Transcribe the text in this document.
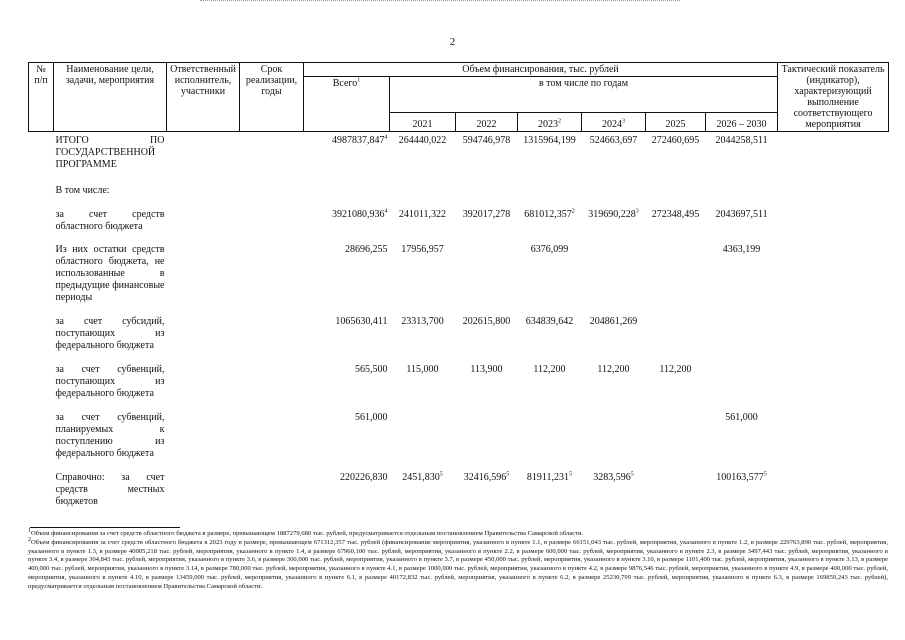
2
№ п/п	Наименование цели, задачи, мероприятия	Ответственный исполнитель, участники	Срок реализации, годы	Объем финансирования, тыс. рублей							Тактический показатель (индикатор), характеризующий выполнение соответствующего мероприятия
				Всего$^1$	в том числе по годам						
					2021	2022	2023$^2$	2024$^3$	2025	2026 – 2030	
	ИТОГО ПО ГОСУДАРСТВЕННОЙ ПРОГРАММЕ			4987837,847$^4$	264440,022	594746,978	1315964,199	524663,697	272460,695	2044258,511	
	В том числе:										
	за счет средств областного бюджета			3921080,936$^4$	241011,322	392017,278	681012,357$^2$	319690,228$^3$	272348,495	2043697,511	
	Из них остатки средств областного бюджета, не использованные в предыдущие финансовые периоды			28696,255	17956,957		6376,099			4363,199	
	за счет субсидий, поступающих из федерального бюджета			1065630,411	23313,700	202615,800	634839,642	204861,269			
	за счет субвенций, поступающих из федерального бюджета			565,500	115,000	113,900	112,200	112,200	112,200		
	за счет субвенций, планируемых к поступлению из федерального бюджета			561,000						561,000	
	Справочно: за счет средств местных бюджетов			220226,830	2451,830$^5$	32416,596$^5$	81911,231$^5$	3283,596$^5$		100163,577$^5$	

$^1$Объем финансирования за счет средств областного бюджета в размере, превышающем 1887279,680 тыс. рублей, предусматривается отдельным постановлением Правительства Самарской области.

$^2$Объем финансирования за счет средств областного бюджета в 2023 году в размере, превышающем 671312,357 тыс. рублей (финансирование мероприятия, указанного в пункте 1.1, в размере 66151,043 тыс. рублей, мероприятия, указанного в пункте 1.2, в размере 229763,890 тыс. рублей, мероприятия, указанного в пункте 1.3, в размере 40005,218 тыс. рублей, мероприятия, указанного в пункте 1.4, в размере 67960,100 тыс. рублей, мероприятия, указанного в пункте 2.2, в размере 600,000 тыс. рублей, мероприятия, указанного в пункте 2.3, в размере 3497,443 тыс. рублей, мероприятия, указанного в пункте 3.4, в размере 304,843 тыс. рублей, мероприятия, указанного в пункте 3.6, в размере 300,000 тыс. рублей, мероприятия, указанного в пункте 3.7, в размере 450,000 тыс. рублей, мероприятия, указанного в пункте 3.10, в размере 1101,400 тыс. рублей, мероприятия, указанного в пункте 3.13, в размере 400,000 тыс. рублей, мероприятия, указанного в пункте 3.14, в размере 780,000 тыс. рублей, мероприятия, указанного в пункте 4.1, в размере 1000,000 тыс. рублей, мероприятия, указанного в пункте 4.2, в размере 9876,546 тыс. рублей, мероприятия, указанного в пункте 4.9, в размере 400,000 тыс. рублей, мероприятия, указанного в пункте 4.10, в размере 13459,000 тыс. рублей, мероприятия, указанного в пункте 6.1, в размере 40172,832 тыс. рублей, мероприятия, указанного в пункте 6.2, в размере 25230,799 тыс. рублей, мероприятия, указанного в пункте 6.3, в размере 169859,243 тыс. рублей), предусматривается отдельным постановлением Правительства Самарской области.
